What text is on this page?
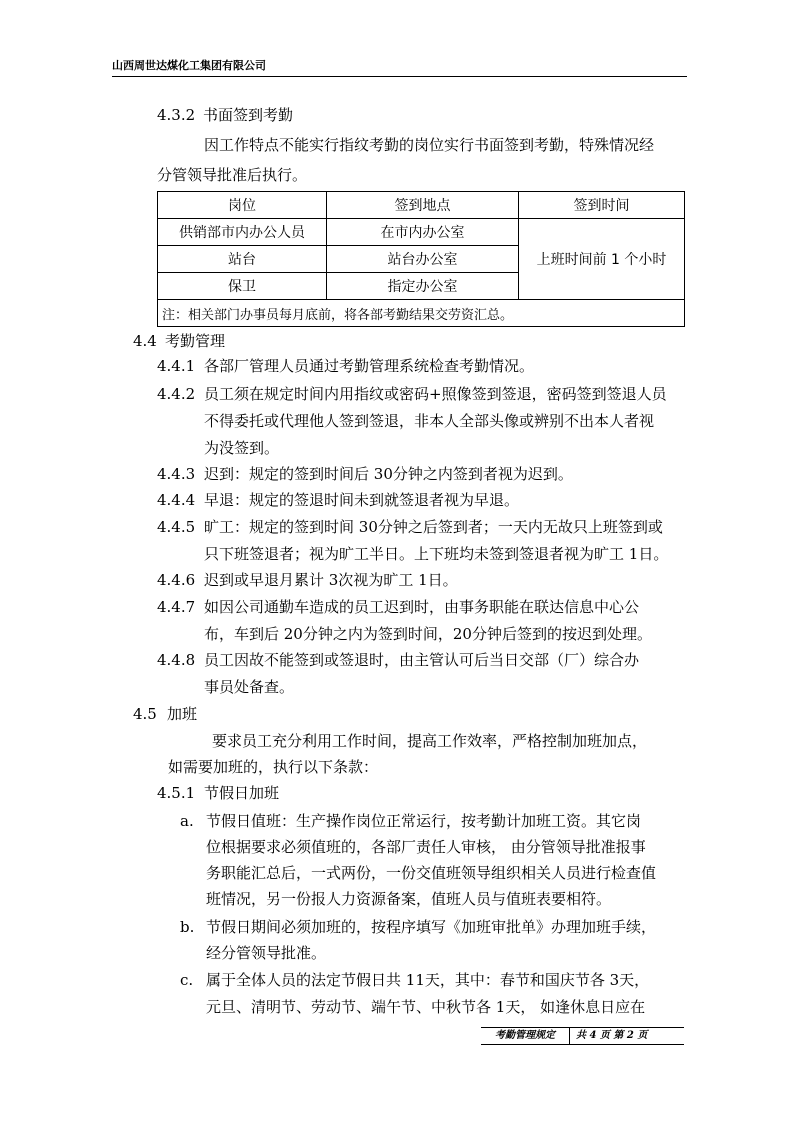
山西周世达煤化工集团有限公司
4.3.2 书面签到考勤
因工作特点不能实行指纹考勤的岗位实行书面签到考勤，特殊情况经
分管领导批准后执行。
岗位	签到地点	签到时间
供销部市内办公人员	在市内办公室	上班时间前 1 个小时
站台	站台办公室	
保卫	指定办公室	
注：相关部门办事员每月底前，将各部考勤结果交劳资汇总。		
4.4 考勤管理
4.4.1 各部厂管理人员通过考勤管理系统检查考勤情况。
4.4.2 员工须在规定时间内用指纹或密码+照像签到签退，密码签到签退人员
不得委托或代理他人签到签退，非本人全部头像或辨别不出本人者视
为没签到。
4.4.3 迟到：规定的签到时间后 30分钟之内签到者视为迟到。
4.4.4 早退：规定的签退时间未到就签退者视为早退。
4.4.5 旷工：规定的签到时间 30分钟之后签到者；一天内无故只上班签到或
只下班签退者；视为旷工半日。上下班均未签到签退者视为旷工 1日。
4.4.6 迟到或早退月累计 3次视为旷工 1日。
4.4.7 如因公司通勤车造成的员工迟到时，由事务职能在联达信息中心公
布，车到后 20分钟之内为签到时间，20分钟后签到的按迟到处理。
4.4.8 员工因故不能签到或签退时，由主管认可后当日交部（厂）综合办
事员处备查。
4.5 加班
要求员工充分利用工作时间，提高工作效率，严格控制加班加点，
如需要加班的，执行以下条款：
4.5.1 节假日加班
a. 节假日值班：生产操作岗位正常运行，按考勤计加班工资。其它岗
位根据要求必须值班的，各部厂责任人审核， 由分管领导批准报事
务职能汇总后，一式两份，一份交值班领导组织相关人员进行检查值
班情况，另一份报人力资源备案，值班人员与值班表要相符。
b. 节假日期间必须加班的，按程序填写《加班审批单》办理加班手续，
经分管领导批准。
c. 属于全体人员的法定节假日共 11天，其中：春节和国庆节各 3天，
元旦、清明节、劳动节、端午节、中秋节各 1天， 如逢休息日应在
考勤管理规定	共 4 页 第 2 页
